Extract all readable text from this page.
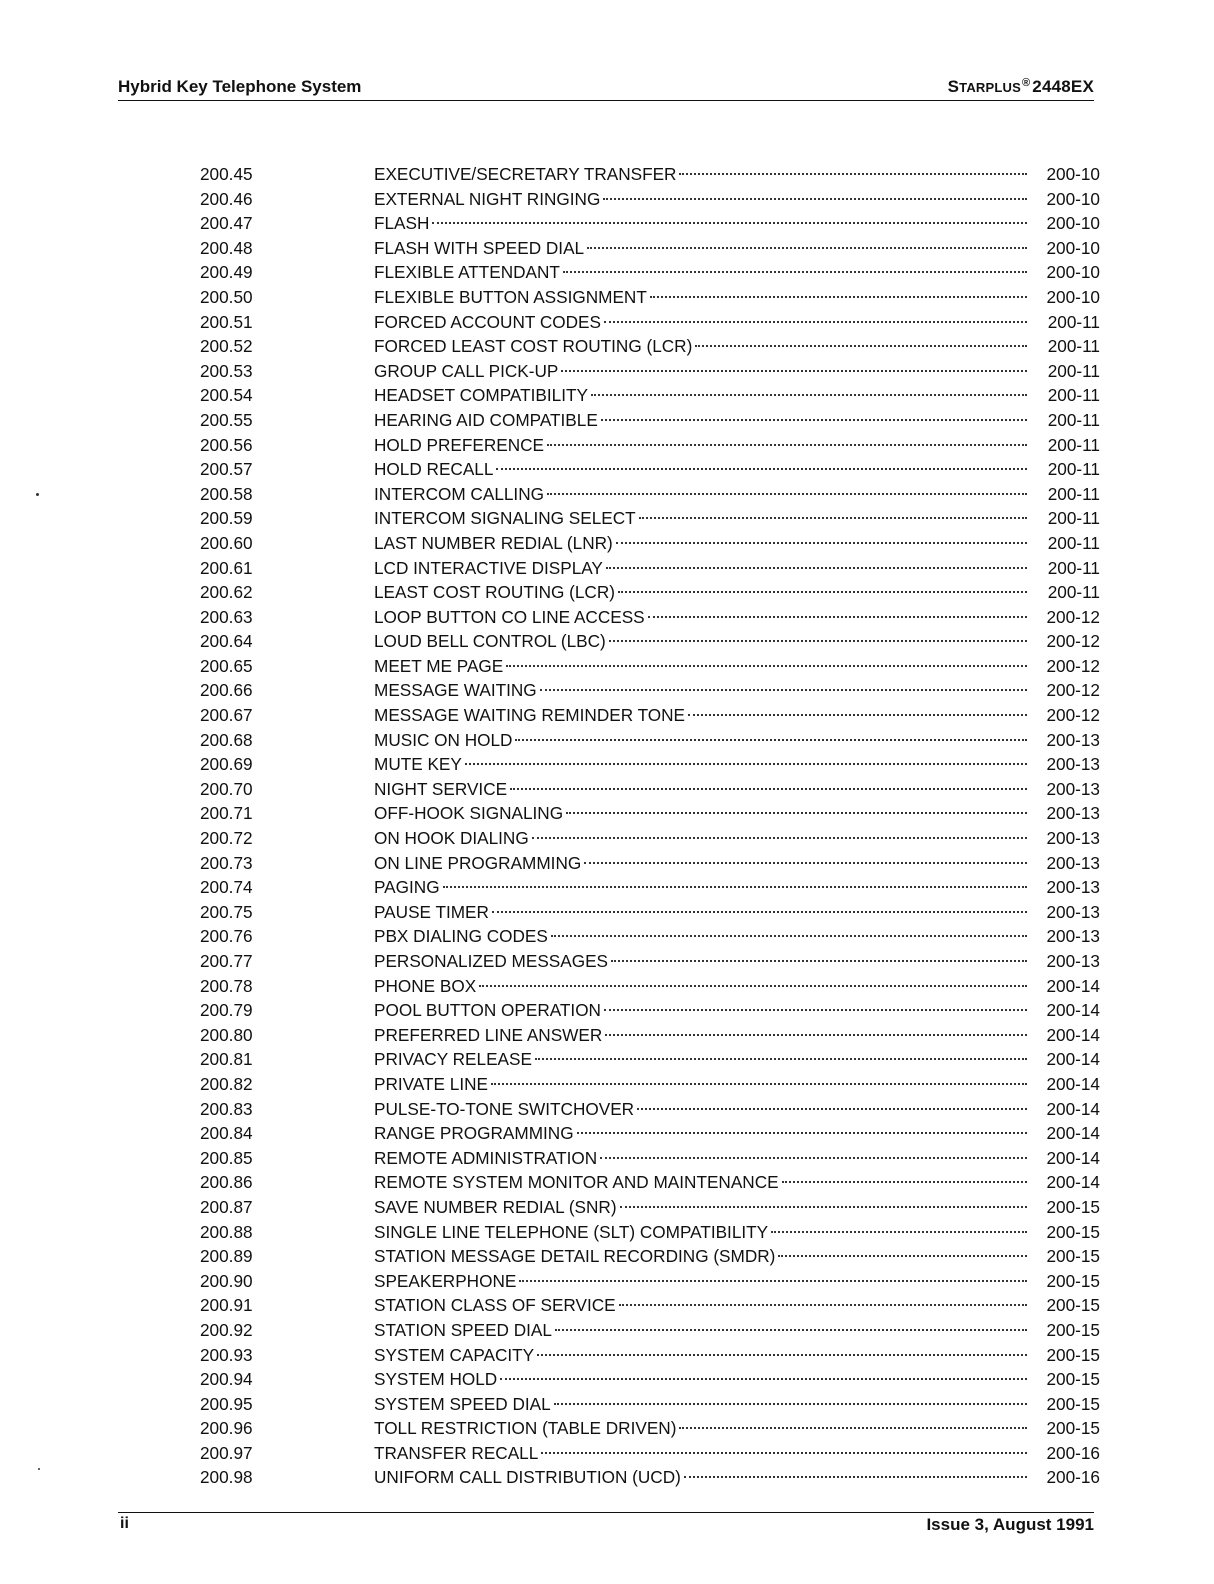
Hybrid Key Telephone System	STARPLUS® 2448EX
200.45	EXECUTIVE/SECRETARY TRANSFER	200-10
200.46	EXTERNAL NIGHT RINGING	200-10
200.47	FLASH	200-10
200.48	FLASH WITH SPEED DIAL	200-10
200.49	FLEXIBLE ATTENDANT	200-10
200.50	FLEXIBLE BUTTON ASSIGNMENT	200-10
200.51	FORCED ACCOUNT CODES	200-11
200.52	FORCED LEAST COST ROUTING (LCR)	200-11
200.53	GROUP CALL PICK-UP	200-11
200.54	HEADSET COMPATIBILITY	200-11
200.55	HEARING AID COMPATIBLE	200-11
200.56	HOLD PREFERENCE	200-11
200.57	HOLD RECALL	200-11
200.58	INTERCOM CALLING	200-11
200.59	INTERCOM SIGNALING SELECT	200-11
200.60	LAST NUMBER REDIAL (LNR)	200-11
200.61	LCD INTERACTIVE DISPLAY	200-11
200.62	LEAST COST ROUTING (LCR)	200-11
200.63	LOOP BUTTON CO LINE ACCESS	200-12
200.64	LOUD BELL CONTROL (LBC)	200-12
200.65	MEET ME PAGE	200-12
200.66	MESSAGE WAITING	200-12
200.67	MESSAGE WAITING REMINDER TONE	200-12
200.68	MUSIC ON HOLD	200-13
200.69	MUTE KEY	200-13
200.70	NIGHT SERVICE	200-13
200.71	OFF-HOOK SIGNALING	200-13
200.72	ON HOOK DIALING	200-13
200.73	ON LINE PROGRAMMING	200-13
200.74	PAGING	200-13
200.75	PAUSE TIMER	200-13
200.76	PBX DIALING CODES	200-13
200.77	PERSONALIZED MESSAGES	200-13
200.78	PHONE BOX	200-14
200.79	POOL BUTTON OPERATION	200-14
200.80	PREFERRED LINE ANSWER	200-14
200.81	PRIVACY RELEASE	200-14
200.82	PRIVATE LINE	200-14
200.83	PULSE-TO-TONE SWITCHOVER	200-14
200.84	RANGE PROGRAMMING	200-14
200.85	REMOTE ADMINISTRATION	200-14
200.86	REMOTE SYSTEM MONITOR AND MAINTENANCE	200-14
200.87	SAVE NUMBER REDIAL (SNR)	200-15
200.88	SINGLE LINE TELEPHONE (SLT) COMPATIBILITY	200-15
200.89	STATION MESSAGE DETAIL RECORDING (SMDR)	200-15
200.90	SPEAKERPHONE	200-15
200.91	STATION CLASS OF SERVICE	200-15
200.92	STATION SPEED DIAL	200-15
200.93	SYSTEM CAPACITY	200-15
200.94	SYSTEM HOLD	200-15
200.95	SYSTEM SPEED DIAL	200-15
200.96	TOLL RESTRICTION (TABLE DRIVEN)	200-15
200.97	TRANSFER RECALL	200-16
200.98	UNIFORM CALL DISTRIBUTION (UCD)	200-16
ii	Issue 3, August 1991
